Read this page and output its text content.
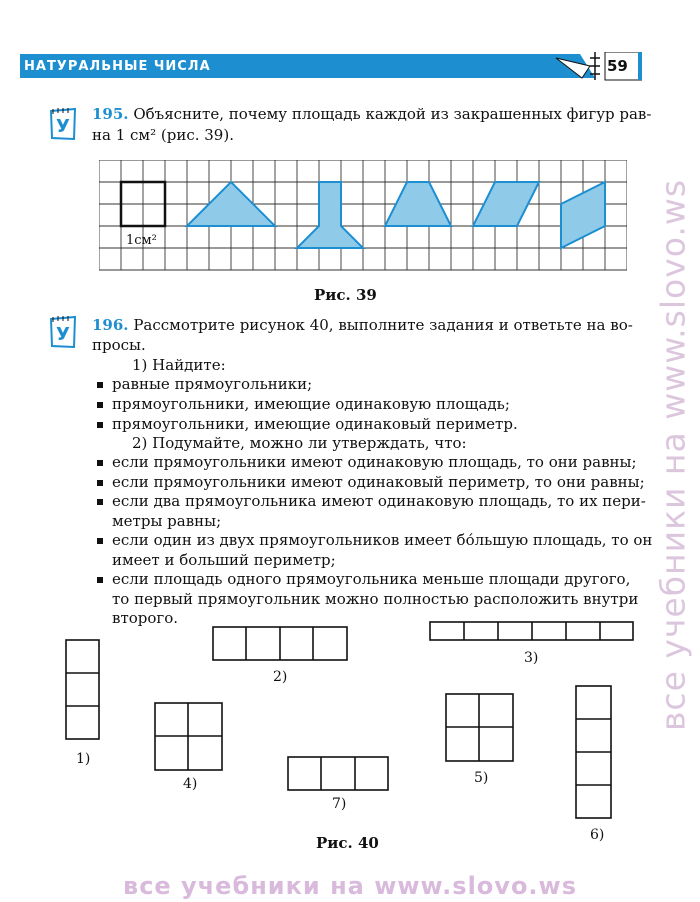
НАТУРАЛЬНЫЕ ЧИСЛА	59
У
195. Объясните, почему площадь каждой из закрашенных фигур рав-
на 1 см² (рис. 39).
1см²
Рис. 39
У 196. Рассмотрите рисунок 40, выполните задания и ответьте на во-
просы.
1) Найдите:
равные прямоугольники;
прямоугольники, имеющие одинаковую площадь;
прямоугольники, имеющие одинаковый периметр.
2) Подумайте, можно ли утверждать, что:
если прямоугольники имеют одинаковую площадь, то они равны;
если прямоугольники имеют одинаковый периметр, то они равны;
если два прямоугольника имеют одинаковую площадь, то их пери-
метры равны;
если один из двух прямоугольников имеет бо́льшую площадь, то он
имеет и больший периметр;
если площадь одного прямоугольника меньше площади другого,
то первый прямоугольник можно полностью расположить внутри
второго.
1)
2)
3)
4)	5)
6)
7)
Рис. 40
все учебники на www.slovo.ws
все учебники на www.slovo.ws
